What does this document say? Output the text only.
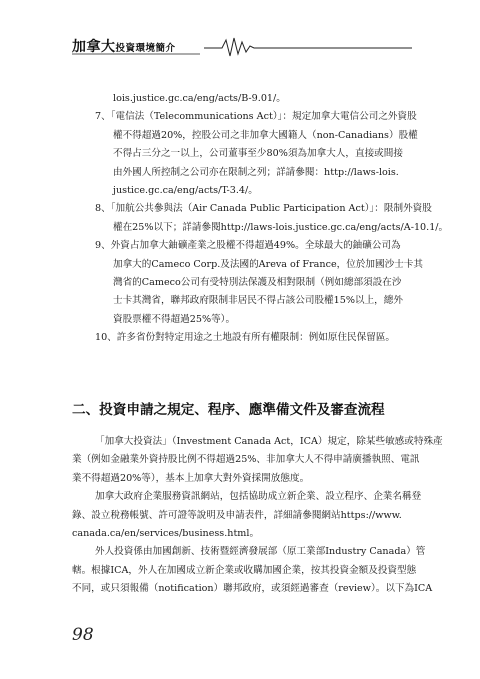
加拿大投資環境簡介

lois.justice.gc.ca/eng/acts/B-9.01/。

7、「電信法（Telecommunications Act）」：規定加拿大電信公司之外資股

權不得超過20%，控股公司之非加拿大國籍人（non-Canadians）股權

不得占三分之一以上，公司董事至少80%須為加拿大人，直接或間接

由外國人所控制之公司亦在限制之列；詳請參閱：http://laws-lois.

justice.gc.ca/eng/acts/T-3.4/。

8、「加航公共參與法（Air Canada Public Participation Act）」：限制外資股

權在25%以下；詳請參閱http://laws-lois.justice.gc.ca/eng/acts/A-10.1/。

9、外資占加拿大鈾礦產業之股權不得超過49%。全球最大的鈾礦公司為

加拿大的Cameco Corp.及法國的Areva of France，位於加國沙士卡其

灣省的Cameco公司有受特別法保護及相對限制（例如總部須設在沙

士卡其灣省，聯邦政府限制非居民不得占該公司股權15%以上，總外

資股票權不得超過25%等）。

10、許多省份對特定用途之土地設有所有權限制：例如原住民保留區。

二、投資申請之規定、程序、應準備文件及審查流程

「加拿大投資法」（Investment Canada Act，ICA）規定，除某些敏感或特殊產

業（例如金融業外資持股比例不得超過25%、非加拿大人不得申請廣播執照、電訊

業不得超過20%等），基本上加拿大對外資採開放態度。

加拿大政府企業服務資訊網站，包括協助成立新企業、設立程序、企業名稱登

錄、設立稅務帳號、許可證等說明及申請表件，詳細請參閱網站https://www.

canada.ca/en/services/business.html。

外人投資係由加國創新、技術暨經濟發展部（原工業部Industry Canada）管

轄。根據ICA，外人在加國成立新企業或收購加國企業，按其投資金額及投資型態

不同，或只須報備（notification）聯邦政府，或須經過審查（review）。以下為ICA

98
